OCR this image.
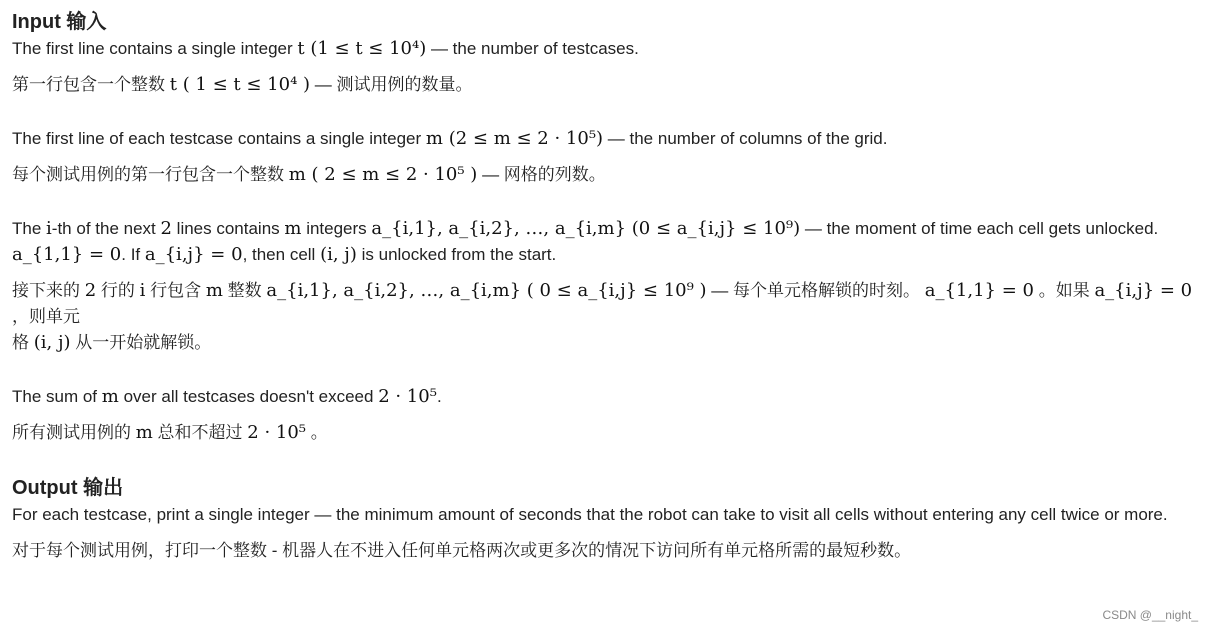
Input 输入
The first line contains a single integer t (1 ≤ t ≤ 10⁴) — the number of testcases.
第一行包含一个整数 t ( 1 ≤ t ≤ 10⁴ ) — 测试用例的数量。
The first line of each testcase contains a single integer m (2 ≤ m ≤ 2 · 10⁵) — the number of columns of the grid.
每个测试用例的第一行包含一个整数 m ( 2 ≤ m ≤ 2 · 10⁵ ) — 网格的列数。
The i-th of the next 2 lines contains m integers a_{i,1}, a_{i,2}, …, a_{i,m} (0 ≤ a_{i,j} ≤ 10⁹) — the moment of time each cell gets unlocked.
a_{1,1} = 0. If a_{i,j} = 0, then cell (i, j) is unlocked from the start.
接下来的 2 行的 i 行包含 m 整数 a_{i,1}, a_{i,2}, …, a_{i,m} ( 0 ≤ a_{i,j} ≤ 10⁹ ) — 每个单元格解锁的时刻。 a_{1,1} = 0 。如果 a_{i,j} = 0 ，则单元
格 (i, j) 从一开始就解锁。
The sum of m over all testcases doesn't exceed 2 · 10⁵.
所有测试用例的 m 总和不超过 2 · 10⁵ 。
Output 输出
For each testcase, print a single integer — the minimum amount of seconds that the robot can take to visit all cells without entering any cell twice or more.
对于每个测试用例，打印一个整数 - 机器人在不进入任何单元格两次或更多次的情况下访问所有单元格所需的最短秒数。
CSDN @__night_
